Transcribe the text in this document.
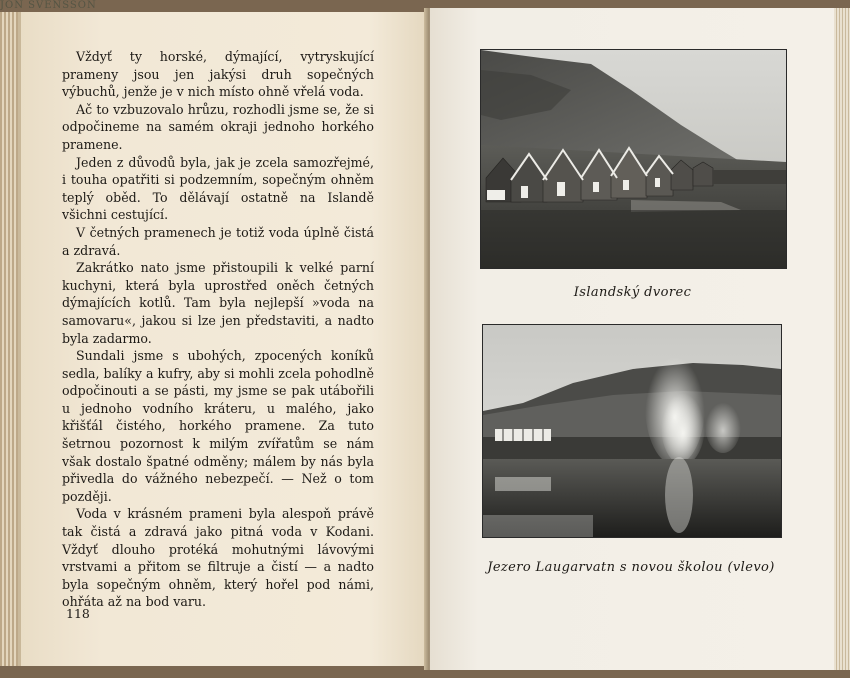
JON SVENSSON

Vždyť ty horské, dýmající, vytryskující prameny jsou jen jakýsi druh sopečných výbuchů, jenže je v nich místo ohně vřelá voda.

Ač to vzbuzovalo hrůzu, rozhodli jsme se, že si odpočineme na samém okraji jednoho horkého pramene.

Jeden z důvodů byla, jak je zcela samozřejmé, i touha opatřiti si podzemním, sopečným ohněm teplý oběd. To dělávají ostatně na Islandě všichni cestující.

V četných pramenech je totiž voda úplně čistá a zdravá.

Zakrátko nato jsme přistoupili k velké parní kuchyni, která byla uprostřed oněch četných dýmajících kotlů. Tam byla nejlepší »voda na samovaru«, jakou si lze jen představiti, a nadto byla zadarmo.

Sundali jsme s ubohých, zpocených koníků sedla, balíky a kufry, aby si mohli zcela pohodlně odpočinouti a se pásti, my jsme se pak utábořili u jednoho vodního kráteru, u malého, jako křišťál čistého, horkého pramene. Za tuto šetrnou pozornost k milým zvířatům se nám však dostalo špatné odměny; málem by nás byla přivedla do vážného nebezpečí. — Než o tom později.

Voda v krásném prameni byla alespoň právě tak čistá a zdravá jako pitná voda v Kodani. Vždyť dlouho protéká mohutnými lávovými vrstvami a přitom se filtruje a čistí — a nadto byla sopečným ohněm, který hořel pod námi, ohřáta až na bod varu.

118
Islandský dvorec
Jezero Laugarvatn s novou školou (vlevo)
